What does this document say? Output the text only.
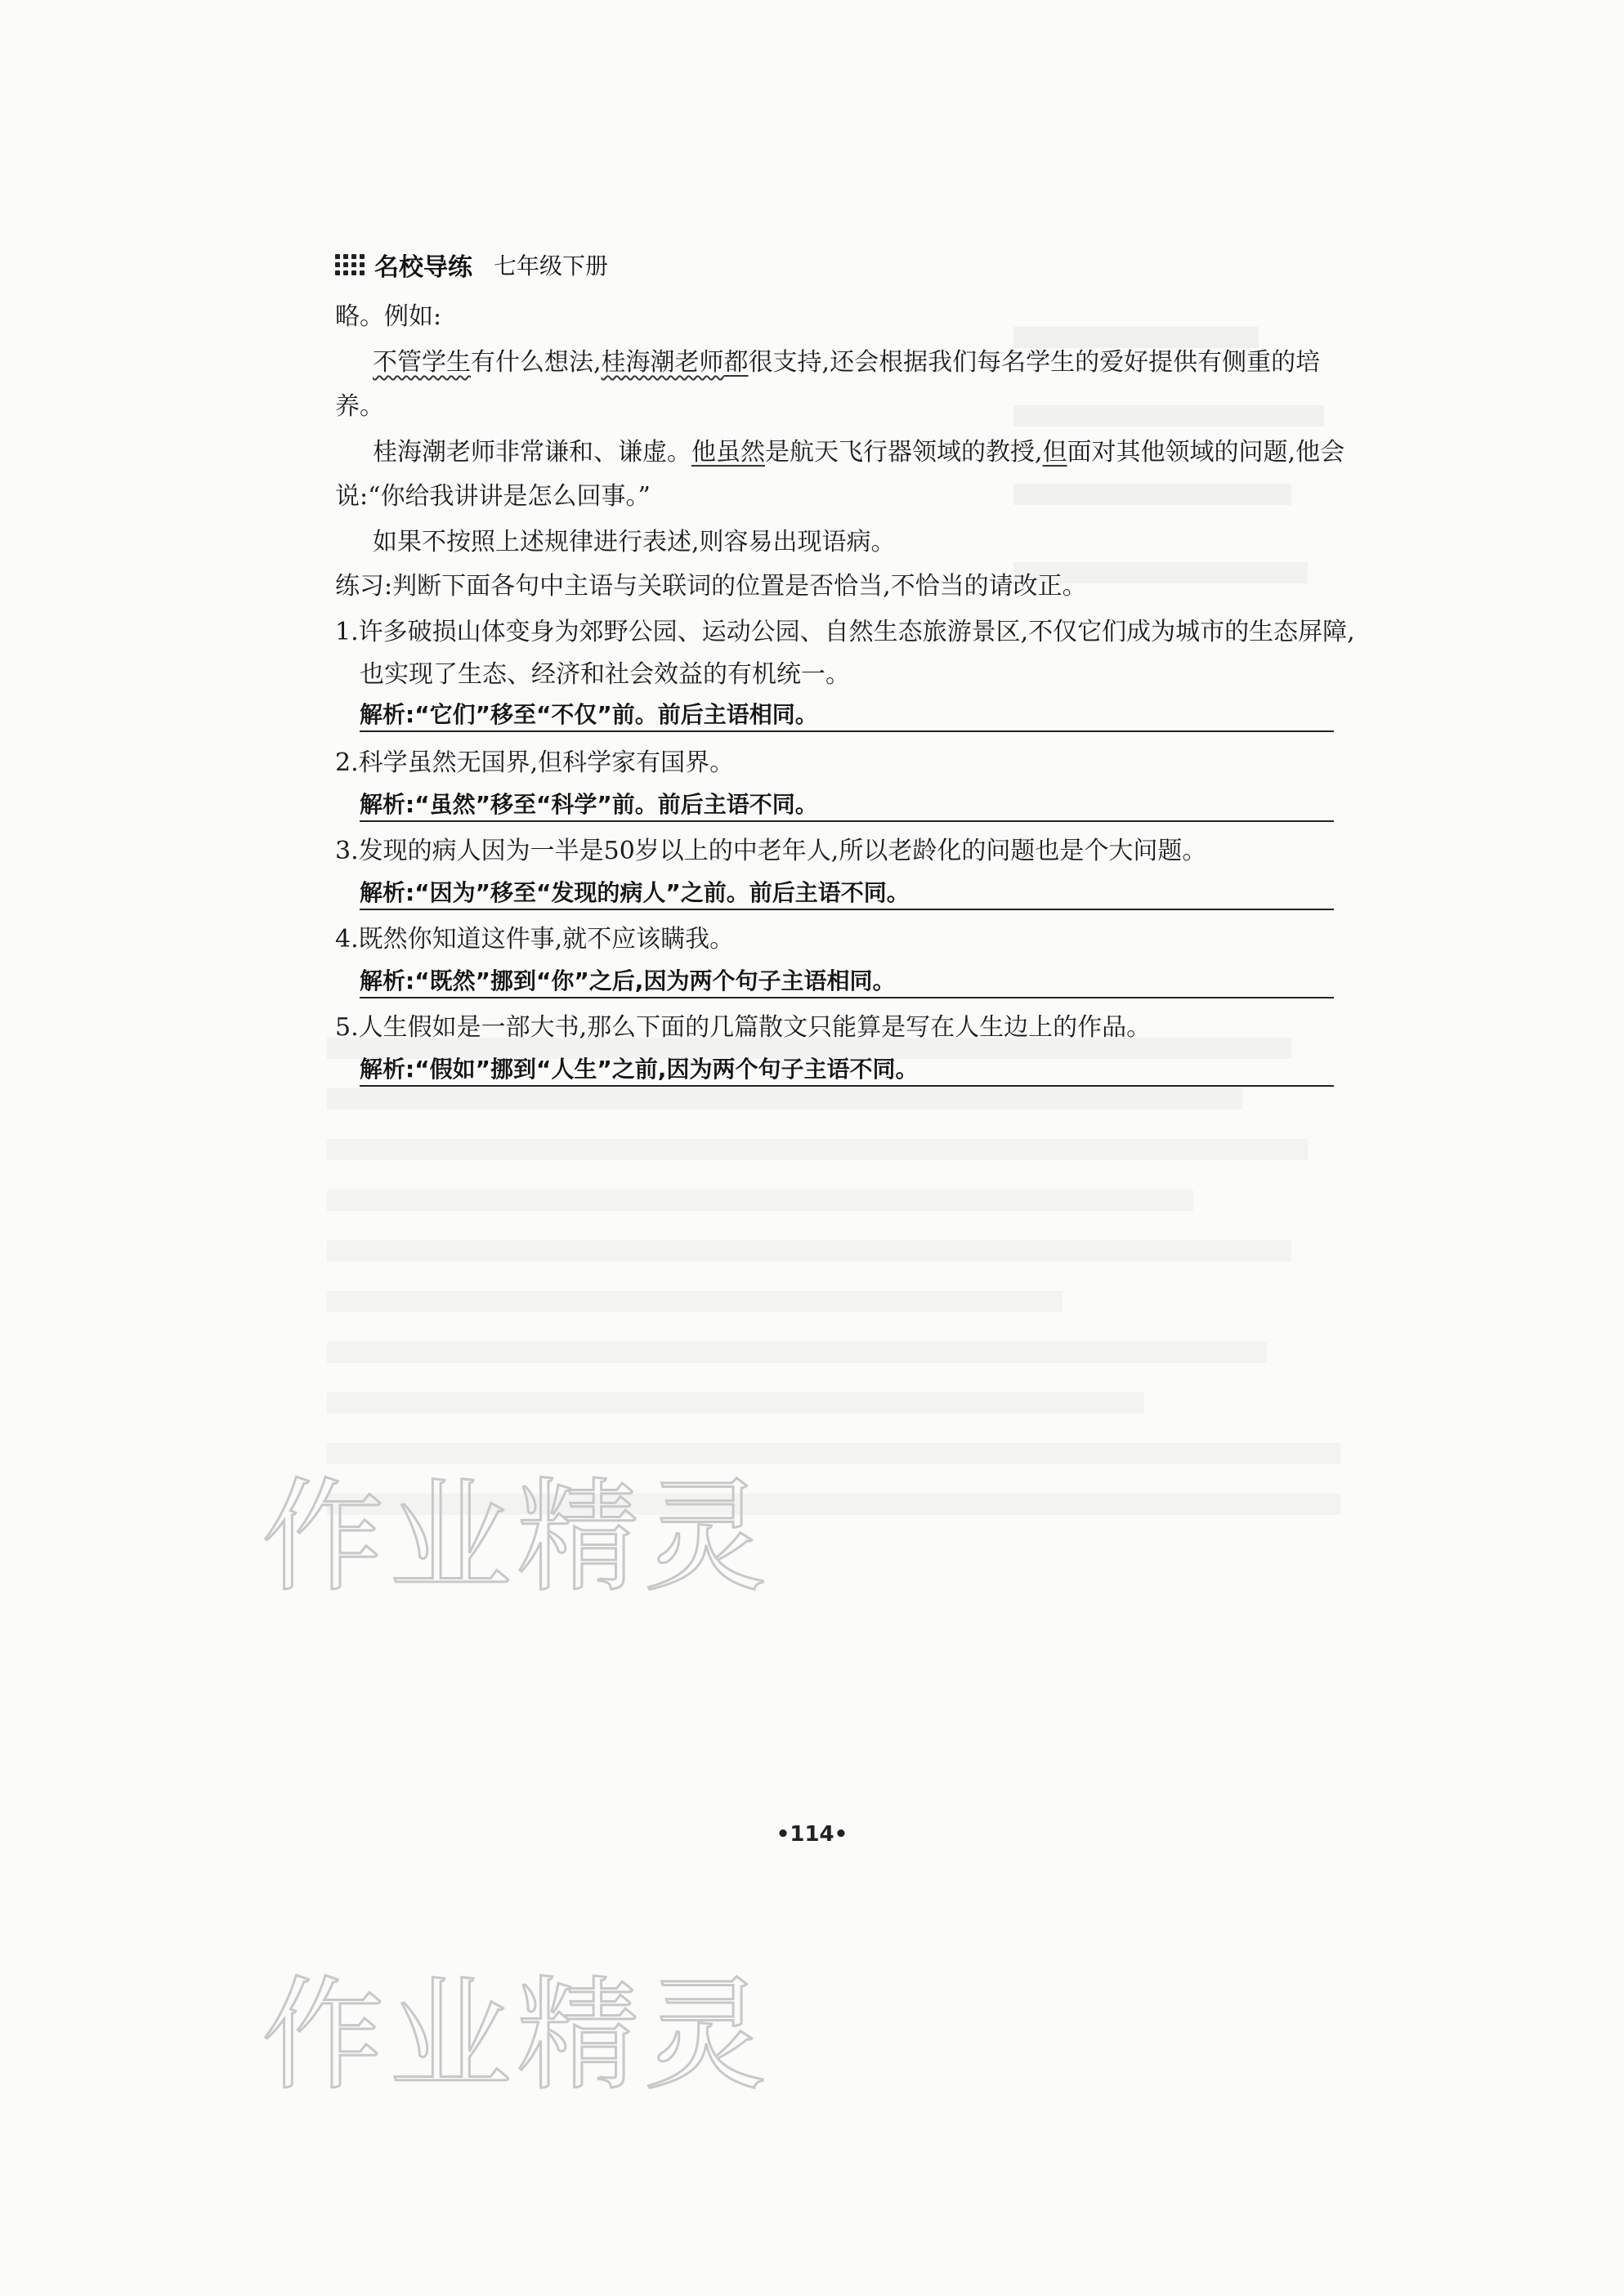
名校导练 七年级下册
略。例如:
不管学生有什么想法,桂海潮老师都很支持,还会根据我们每名学生的爱好提供有侧重的培
养。
桂海潮老师非常谦和、谦虚。他虽然是航天飞行器领域的教授,但面对其他领域的问题,他会
说:“你给我讲讲是怎么回事。”
如果不按照上述规律进行表述,则容易出现语病。
练习:判断下面各句中主语与关联词的位置是否恰当,不恰当的请改正。
1.许多破损山体变身为郊野公园、运动公园、自然生态旅游景区,不仅它们成为城市的生态屏障,
也实现了生态、经济和社会效益的有机统一。
解析:“它们”移至“不仅”前。前后主语相同。
2.科学虽然无国界,但科学家有国界。
解析:“虽然”移至“科学”前。前后主语不同。
3.发现的病人因为一半是50岁以上的中老年人,所以老龄化的问题也是个大问题。
解析:“因为”移至“发现的病人”之前。前后主语不同。
4.既然你知道这件事,就不应该瞒我。
解析:“既然”挪到“你”之后,因为两个句子主语相同。
5.人生假如是一部大书,那么下面的几篇散文只能算是写在人生边上的作品。
解析:“假如”挪到“人生”之前,因为两个句子主语不同。
•114•
作业精灵
作业精灵
